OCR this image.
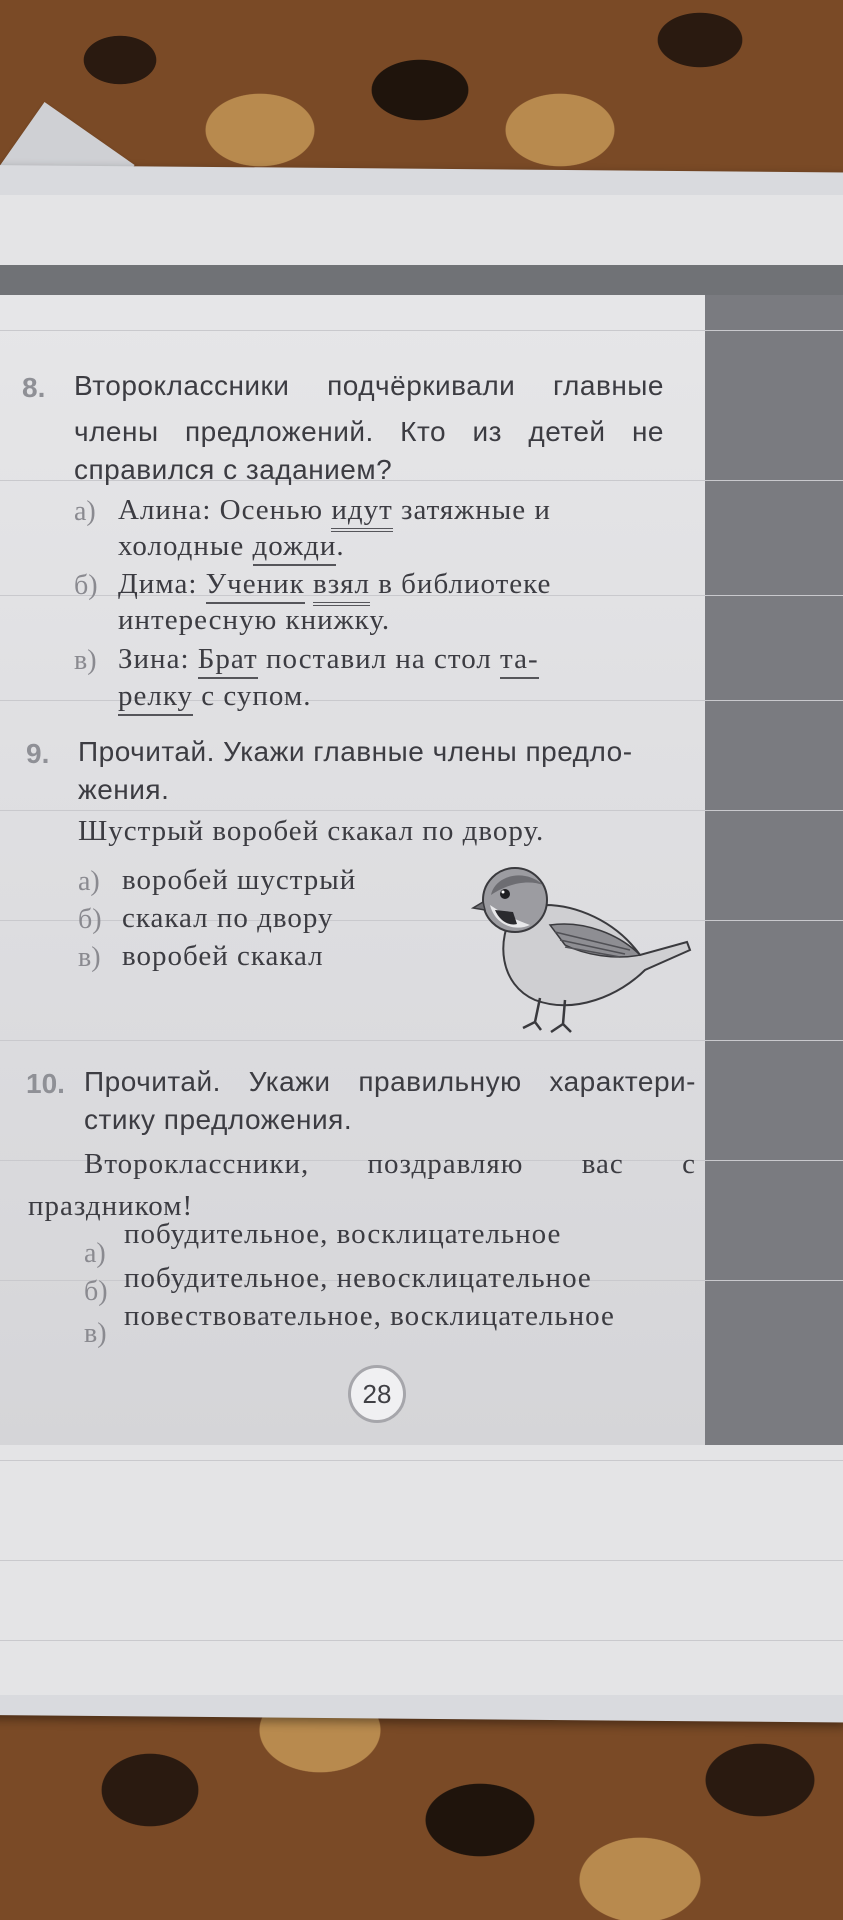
8. Второклассники подчёркивали главные
члены предложений. Кто из детей не
справился с заданием?
а) Алина: Осенью идут затяжные и
холодные дожди.
б) Дима: Ученик взял в библиотеке
интересную книжку.
в) Зина: Брат поставил на стол та-
релку с супом.
9. Прочитай. Укажи главные члены предло-
жения.
Шустрый воробей скакал по двору.
а) воробей шустрый
б) скакал по двору
в) воробей скакал
10. Прочитай. Укажи правильную характери-
стику предложения.
Второклассники, поздравляю вас с
праздником!
а)
побудительное, восклицательное
б) побудительное, невосклицательное
в)
повествовательное, восклицательное
28
